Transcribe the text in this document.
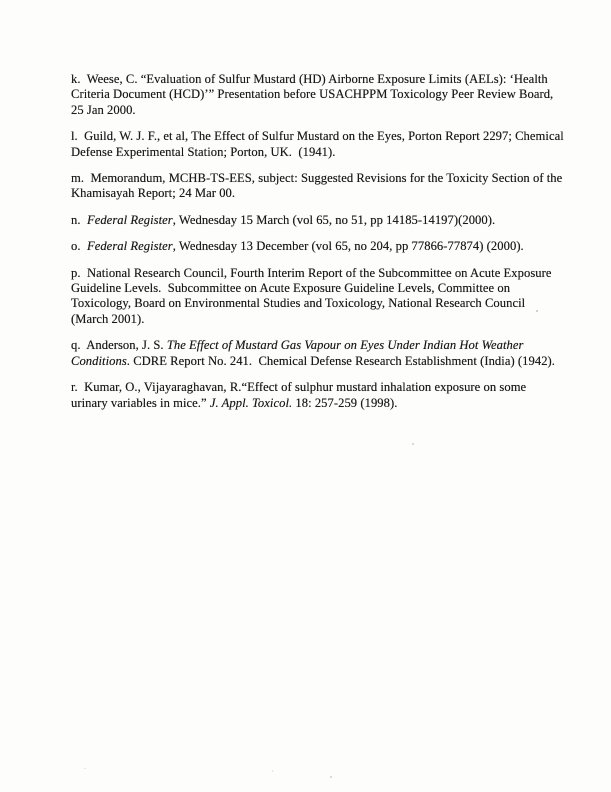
k.  Weese, C. “Evaluation of Sulfur Mustard (HD) Airborne Exposure Limits (AELs): ‘Health
Criteria Document (HCD)’” Presentation before USACHPPM Toxicology Peer Review Board,
25 Jan 2000.
l.  Guild, W. J. F., et al, The Effect of Sulfur Mustard on the Eyes, Porton Report 2297; Chemical
Defense Experimental Station; Porton, UK.  (1941).
m.  Memorandum, MCHB-TS-EES, subject: Suggested Revisions for the Toxicity Section of the
Khamisayah Report; 24 Mar 00.
n.  Federal Register, Wednesday 15 March (vol 65, no 51, pp 14185-14197)(2000).
o.  Federal Register, Wednesday 13 December (vol 65, no 204, pp 77866-77874) (2000).
p.  National Research Council, Fourth Interim Report of the Subcommittee on Acute Exposure
Guideline Levels.  Subcommittee on Acute Exposure Guideline Levels, Committee on
Toxicology, Board on Environmental Studies and Toxicology, National Research Council
(March 2001).
q.  Anderson, J. S. The Effect of Mustard Gas Vapour on Eyes Under Indian Hot Weather
Conditions. CDRE Report No. 241.  Chemical Defense Research Establishment (India) (1942).
r.  Kumar, O., Vijayaraghavan, R.“Effect of sulphur mustard inhalation exposure on some
urinary variables in mice.” J. Appl. Toxicol. 18: 257-259 (1998).
